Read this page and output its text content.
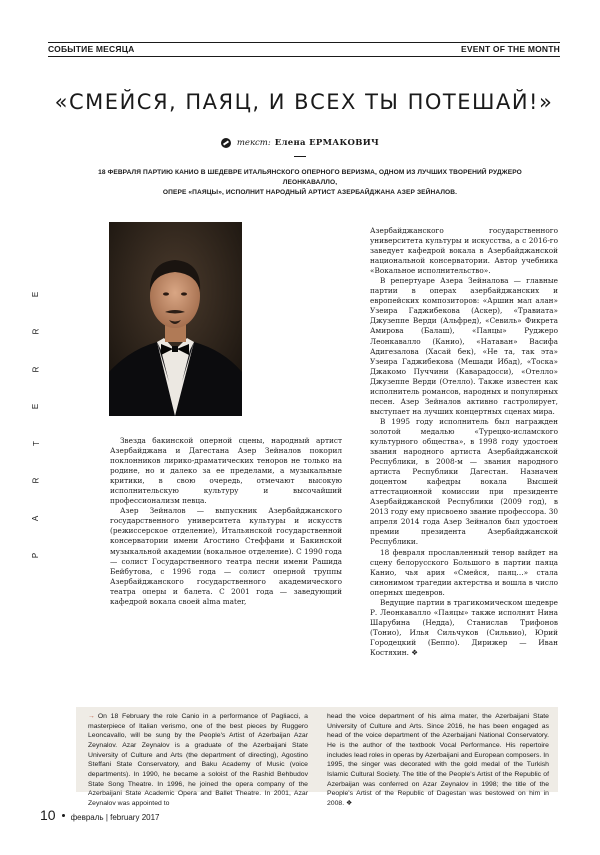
СОБЫТИЕ МЕСЯЦА	EVENT OF THE MONTH
«СМЕЙСЯ, ПАЯЦ, И ВСЕХ ТЫ ПОТЕШАЙ!»
текст: Елена ЕРМАКОВИЧ
18 ФЕВРАЛЯ ПАРТИЮ КАНИО В ШЕДЕВРЕ ИТАЛЬЯНСКОГО ОПЕРНОГО ВЕРИЗМА, ОДНОМ ИЗ ЛУЧШИХ ТВОРЕНИЙ РУДЖЕРО ЛЕОНКАВАЛЛО,
ОПЕРЕ «ПАЯЦЫ», ИСПОЛНИТ НАРОДНЫЙ АРТИСТ АЗЕРБАЙДЖАНА АЗЕР ЗЕЙНАЛОВ.
E
R
R
E
T
R
A
P

Звезда бакинской оперной сцены, народный артист Азербайджана и Дагестана Азер Зейналов покорил поклонников лирико-драматических теноров не только на родине, но и далеко за ее пределами, а музыкальные критики, в свою очередь, отмечают высокую исполнительскую культуру и высочайший профессионализм певца.

Азер Зейналов — выпускник Азербайджанского государственного университета культуры и искусств (режиссерское отделение), Итальянской государственной консерватории имени Агостино Стеффани и Бакинской музыкальной академии (вокальное отделение). С 1990 года — солист Государственного театра песни имени Рашида Бейбутова, с 1996 года — солист оперной труппы Азербайджанского государственного академического театра оперы и балета. С 2001 года — заведующий кафедрой вокала своей alma mater,

Азербайджанского государственного университета культуры и искусства, а с 2016-го заведует кафедрой вокала в Азербайджанской национальной консерватории. Автор учебника «Вокальное исполнительство».

В репертуаре Азера Зейналова — главные партии в операх азербайджанских и европейских композиторов: «Аршин мал алан» Узеира Гаджибекова (Аскер), «Травиата» Джузеппе Верди (Альфред), «Севиль» Фикрета Амирова (Балаш), «Паяцы» Руджеро Леонкавалло (Канио), «Натаван» Васифа Адигезалова (Хасай бек), «Не та, так эта» Узеира Гаджибекова (Мешади Ибад), «Тоска» Джакомо Пуччини (Каварадосси), «Отелло» Джузеппе Верди (Отелло). Также известен как исполнитель романсов, народных и популярных песен. Азер Зейналов активно гастролирует, выступает на лучших концертных сценах мира.

В 1995 году исполнитель был награжден золотой медалью «Турецко-исламского культурного общества», в 1998 году удостоен звания народного артиста Азербайджанской Республики, в 2008-м — звания народного артиста Республики Дагестан. Назначен доцентом кафедры вокала Высшей аттестационной комиссии при президенте Азербайджанской Республики (2009 год), в 2013 году ему присвоено звание профессора. 30 апреля 2014 года Азер Зейналов был удостоен премии президента Азербайджанской Республики.

18 февраля прославленный тенор выйдет на сцену белорусского Большого в партии паяца Канио, чья ария «Смейся, паяц…» стала синонимом трагедии актерства и вошла в число оперных шедевров.

Ведущие партии в трагикомическом шедевре Р. Леонкавалло «Паяцы» также исполнят Нина Шарубина (Недда), Станислав Трифонов (Тонио), Илья Сильчуков (Сильвио), Юрий Городецкий (Беппо). Дирижер — Иван Костяхин. ❖

→ On 18 February the role Canio in a performance of Pagliacci, a masterpiece of Italian verismo, one of the best pieces by Ruggero Leoncavallo, will be sung by the People's Artist of Azerbaijan Azar Zeynalov. Azar Zeynalov is a graduate of the Azerbaijani State University of Culture and Arts (the department of directing), Agostino Steffani State Conservatory, and Baku Academy of Music (voice departments). In 1990, he became a soloist of the Rashid Behbudov State Song Theatre. In 1996, he joined the opera company of the Azerbaijani State Academic Opera and Ballet Theatre. In 2001, Azar Zeynalov was appointed to
head the voice department of his alma mater, the Azerbaijani State University of Culture and Arts. Since 2016, he has been engaged as head of the voice department of the Azerbaijani National Conservatory. He is the author of the textbook Vocal Performance. His repertoire includes lead roles in operas by Azerbaijani and European composers. In 1995, the singer was decorated with the gold medal of the Turkish Islamic Cultural Society. The title of the People's Artist of the Republic of Azerbaijan was conferred on Azar Zeynalov in 1998; the title of the People's Artist of the Republic of Dagestan was bestowed on him in 2008. ❖
10 февраль | february 2017
